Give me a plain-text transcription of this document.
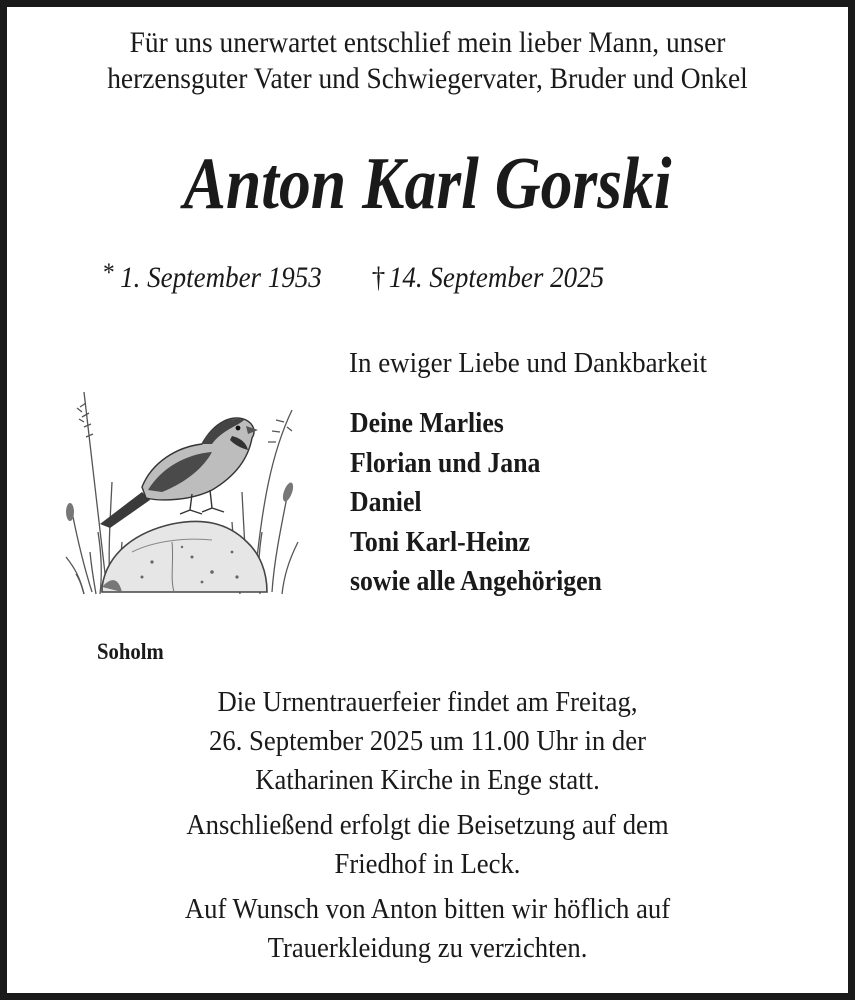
Für uns unerwartet entschlief mein lieber Mann, unser
herzensguter Vater und Schwiegervater, Bruder und Onkel
Anton Karl Gorski
* 1. September 1953 † 14. September 2025
In ewiger Liebe und Dankbarkeit
Deine Marlies
Florian und Jana
Daniel
Toni Karl-Heinz
sowie alle Angehörigen
Soholm
Die Urnentrauerfeier findet am Freitag,
26. September 2025 um 11.00 Uhr in der
Katharinen Kirche in Enge statt.
Anschließend erfolgt die Beisetzung auf dem
Friedhof in Leck.
Auf Wunsch von Anton bitten wir höflich auf
Trauerkleidung zu verzichten.
